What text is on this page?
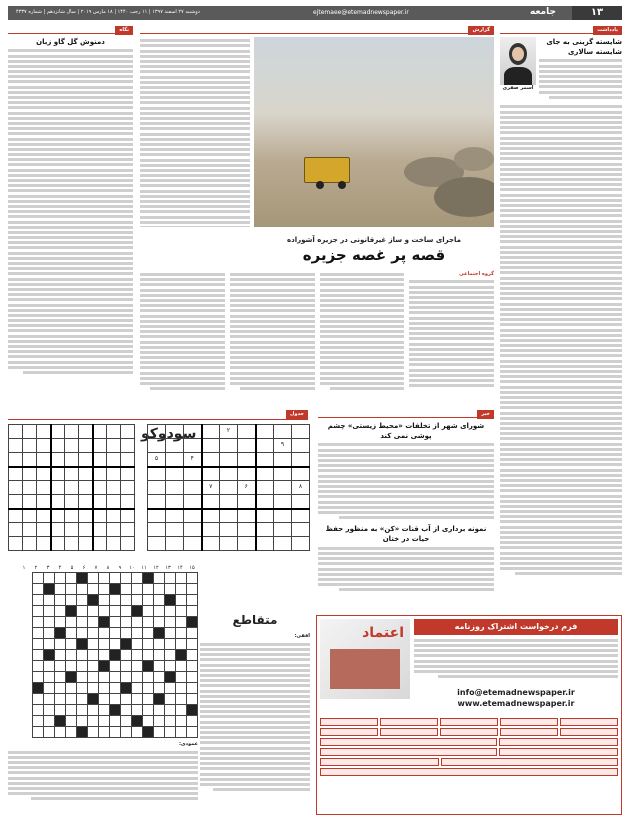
۱۳
جامعه
ejtemaee@etemadnewspaper.ir
دوشنبه ۲۷ اسفند ۱۳۹۷ | ۱۱ رجب ۱۴۴۰ | ۱۸ مارس ۲۰۱۹ | سال شانزدهم | شماره ۴۳۳۷
یادداشت
شایسته گزینی به جای شایسته سالاری
اسمر صفری
گزارش
ماجرای ساخت و ساز غیرقانونی در جزیره آشوراده
قصه پر غصه جزیره
گروه اجتماعی
نگاه
دمنوش گل گاو زبان
جدول

سودوکو
					۲				
							۹	
۵		۴						

			۷		۶			۸

خبر
شورای شهر از تخلفات «محیط زیستی» چشم پوشی نمی کند
نمونه برداری از آب قنات «کن» به منظور حفظ حیات در ختان
۱۵
۱۴
۱۳
۱۲
۱۱
۱۰
۹
۸
۷
۶
۵
۴
۳
۲
۱

عمودی:
متقاطع
افقی:
فرم درخواست اشتراک روزنامه
info@etemadnewspaper.ir
www.etemadnewspaper.ir
اعتماد
